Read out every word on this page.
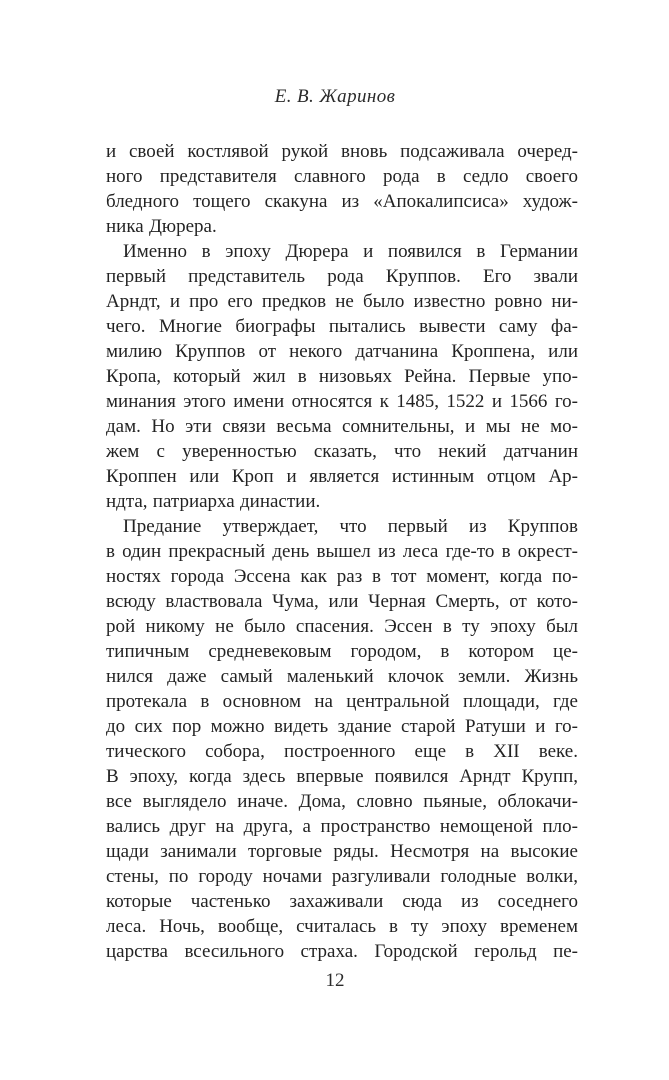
Е. В. Жаринов
и своей костлявой рукой вновь подсаживала очеред-
ного представителя славного рода в седло своего
бледного тощего скакуна из «Апокалипсиса» худож-
ника Дюрера.
Именно в эпоху Дюрера и появился в Германии
первый представитель рода Круппов. Его звали
Арндт, и про его предков не было известно ровно ни-
чего. Многие биографы пытались вывести саму фа-
милию Круппов от некого датчанина Кроппена, или
Кропа, который жил в низовьях Рейна. Первые упо-
минания этого имени относятся к 1485, 1522 и 1566 го-
дам. Но эти связи весьма сомнительны, и мы не мо-
жем с уверенностью сказать, что некий датчанин
Кроппен или Кроп и является истинным отцом Ар-
ндта, патриарха династии.
Предание утверждает, что первый из Круппов
в один прекрасный день вышел из леса где-то в окрест-
ностях города Эссена как раз в тот момент, когда по-
всюду властвовала Чума, или Черная Смерть, от кото-
рой никому не было спасения. Эссен в ту эпоху был
типичным средневековым городом, в котором це-
нился даже самый маленький клочок земли. Жизнь
протекала в основном на центральной площади, где
до сих пор можно видеть здание старой Ратуши и го-
тического собора, построенного еще в XII веке.
В эпоху, когда здесь впервые появился Арндт Крупп,
все выглядело иначе. Дома, словно пьяные, облокачи-
вались друг на друга, а пространство немощеной пло-
щади занимали торговые ряды. Несмотря на высокие
стены, по городу ночами разгуливали голодные волки,
которые частенько захаживали сюда из соседнего
леса. Ночь, вообще, считалась в ту эпоху временем
царства всесильного страха. Городской герольд пе-
12
